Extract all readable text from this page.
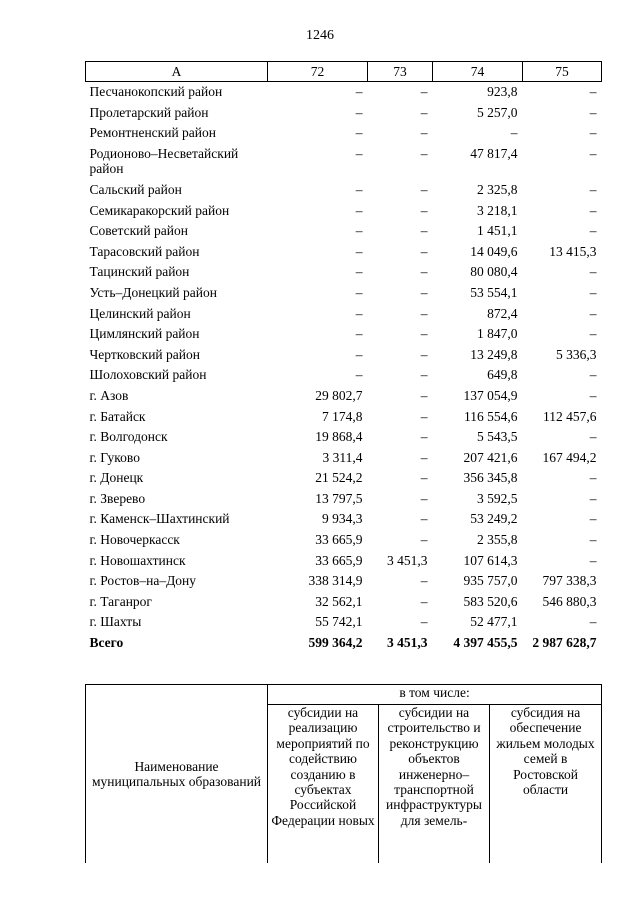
1246
А	72	73	74	75
Песчанокопский район	–	–	923,8	–
Пролетарский район	–	–	5 257,0	–
Ремонтненский район	–	–	–	–
Родионово–Несветайский район	–	–	47 817,4	–
Сальский район	–	–	2 325,8	–
Семикаракорский район	–	–	3 218,1	–
Советский район	–	–	1 451,1	–
Тарасовский район	–	–	14 049,6	13 415,3
Тацинский район	–	–	80 080,4	–
Усть–Донецкий район	–	–	53 554,1	–
Целинский район	–	–	872,4	–
Цимлянский район	–	–	1 847,0	–
Чертковский район	–	–	13 249,8	5 336,3
Шолоховский район	–	–	649,8	–
г. Азов	29 802,7	–	137 054,9	–
г. Батайск	7 174,8	–	116 554,6	112 457,6
г. Волгодонск	19 868,4	–	5 543,5	–
г. Гуково	3 311,4	–	207 421,6	167 494,2
г. Донецк	21 524,2	–	356 345,8	–
г. Зверево	13 797,5	–	3 592,5	–
г. Каменск–Шахтинский	9 934,3	–	53 249,2	–
г. Новочеркасск	33 665,9	–	2 355,8	–
г. Новошахтинск	33 665,9	3 451,3	107 614,3	–
г. Ростов–на–Дону	338 314,9	–	935 757,0	797 338,3
г. Таганрог	32 562,1	–	583 520,6	546 880,3
г. Шахты	55 742,1	–	52 477,1	–
Всего	599 364,2	3 451,3	4 397 455,5	2 987 628,7
Наименование муниципальных образований	в том числе:		
	субсидии на реализацию мероприятий по содействию созданию в субъектах Российской Федерации новых	субсидии на строительство и реконструкцию объектов инженерно–транспортной инфраструктуры для земель-	субсидия на обеспечение жильем молодых семей в Ростовской области
